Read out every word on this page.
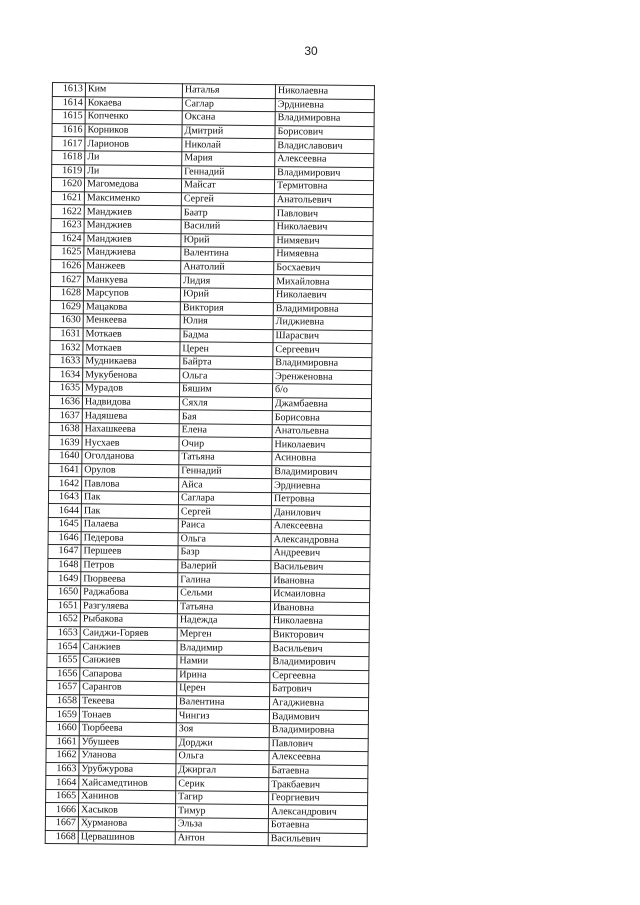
30
1613	Ким	Наталья	Николаевна
1614	Кокаева	Саглар	Эрдниевна
1615	Копченко	Оксана	Владимировна
1616	Корников	Дмитрий	Борисович
1617	Ларионов	Николай	Владиславович
1618	Ли	Мария	Алексеевна
1619	Ли	Геннадий	Владимирович
1620	Магомедова	Майсат	Термитовна
1621	Максименко	Сергей	Анатольевич
1622	Манджиев	Баатр	Павлович
1623	Манджиев	Василий	Николаевич
1624	Манджиев	Юрий	Нимяевич
1625	Манджиева	Валентина	Нимяевна
1626	Манжеев	Анатолий	Босхаевич
1627	Манкуева	Лидия	Михайловна
1628	Марсупов	Юрий	Николаевич
1629	Мацакова	Виктория	Владимировна
1630	Менкеева	Юлия	Лиджиевна
1631	Моткаев	Бадма	Шарасвич
1632	Моткаев	Церен	Сергеевич
1633	Мудникаева	Байрта	Владимировна
1634	Мукубенова	Ольга	Эренженовна
1635	Мурадов	Бяшим	б/о
1636	Надвидова	Сяхля	Джамбаевна
1637	Надяшева	Бая	Борисовна
1638	Нахашкеева	Елена	Анатольевна
1639	Нусхаев	Очир	Николаевич
1640	Оголданова	Татьяна	Асиновна
1641	Орулов	Геннадий	Владимирович
1642	Павлова	Айса	Эрдниевна
1643	Пак	Саглара	Петровна
1644	Пак	Сергей	Данилович
1645	Палаева	Раиса	Алексеевна
1646	Педерова	Ольга	Александровна
1647	Першеев	Базр	Андреевич
1648	Петров	Валерий	Васильевич
1649	Пюрвеева	Галина	Ивановна
1650	Раджабова	Сельми	Исмаиловна
1651	Разгуляева	Татьяна	Ивановна
1652	Рыбакова	Надежда	Николаевна
1653	Саиджи-Горяев	Мерген	Викторович
1654	Санжиев	Владимир	Васильевич
1655	Санжиев	Намии	Владимирович
1656	Сапарова	Ирина	Сергеевна
1657	Сарангов	Церен	Батрович
1658	Текеева	Валентина	Агаджиевна
1659	Тонаев	Чингиз	Вадимович
1660	Тюрбеева	Зоя	Владимировна
1661	Убушеев	Дорджи	Павлович
1662	Уланова	Ольга	Алексеевна
1663	Урубжурова	Джиргал	Батаевна
1664	Хайсамедтинов	Серик	Тракбаевич
1665	Ханинов	Тагир	Георгиевич
1666	Хасыков	Тимур	Александрович
1667	Хурманова	Эльза	Ботаевна
1668	Цервашинов	Антон	Васильевич
